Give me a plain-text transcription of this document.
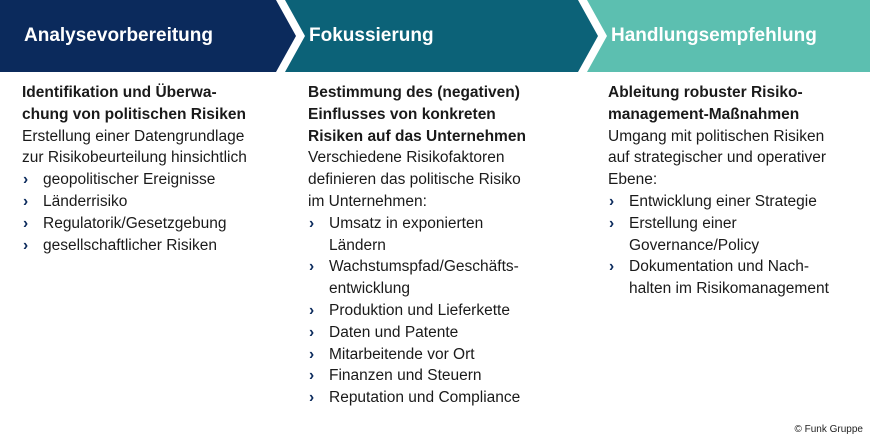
Analysevorbereitung	Fokussierung	Handlungsempfehlung
Identifikation und Überwa-
chung von politischen Risiken
Erstellung einer Datengrundlage
zur Risikobeurteilung hinsichtlich
› geopolitischer Ereignisse
› Länderrisiko
› Regulatorik/Gesetzgebung
› gesellschaftlicher Risiken
Bestimmung des (negativen)
Einflusses von konkreten
Risiken auf das Unternehmen
Verschiedene Risikofaktoren
definieren das politische Risiko
im Unternehmen:
› Umsatz in exponierten
Ländern
› Wachstumspfad/Geschäfts-
entwicklung
› Produktion und Lieferkette
› Daten und Patente
› Mitarbeitende vor Ort
› Finanzen und Steuern
› Reputation und Compliance
Ableitung robuster Risiko-
management-Maßnahmen
Umgang mit politischen Risiken
auf strategischer und operativer
Ebene:
› Entwicklung einer Strategie
› Erstellung einer
Governance/Policy
› Dokumentation und Nach-
halten im Risikomanagement
© Funk Gruppe
